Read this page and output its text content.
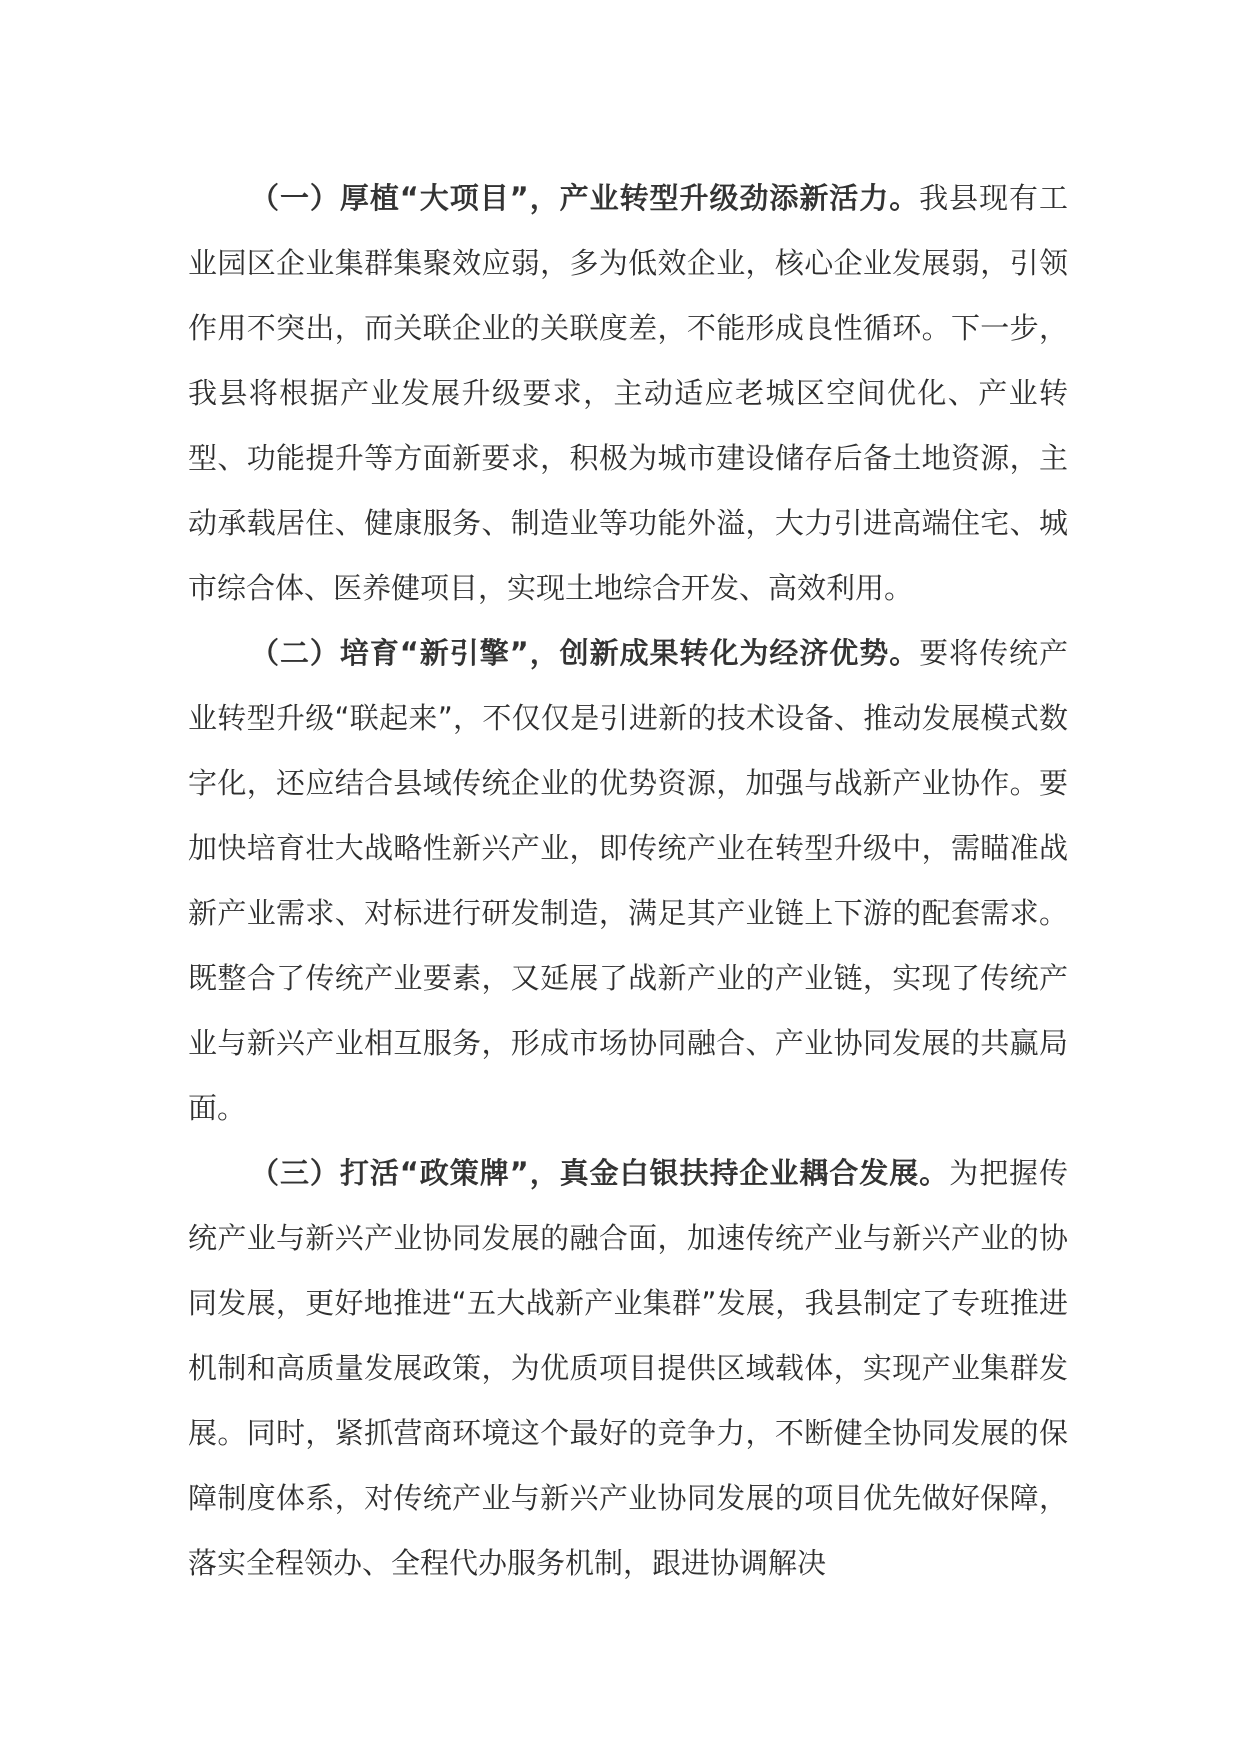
（一）厚植“大项目”，产业转型升级劲添新活力。我县现有工业园区企业集群集聚效应弱，多为低效企业，核心企业发展弱，引领作用不突出，而关联企业的关联度差，不能形成良性循环。下一步，我县将根据产业发展升级要求，主动适应老城区空间优化、产业转型、功能提升等方面新要求，积极为城市建设储存后备土地资源，主动承载居住、健康服务、制造业等功能外溢，大力引进高端住宅、城市综合体、医养健项目，实现土地综合开发、高效利用。

（二）培育“新引擎”，创新成果转化为经济优势。要将传统产业转型升级“联起来”，不仅仅是引进新的技术设备、推动发展模式数字化，还应结合县域传统企业的优势资源，加强与战新产业协作。要加快培育壮大战略性新兴产业，即传统产业在转型升级中，需瞄准战新产业需求、对标进行研发制造，满足其产业链上下游的配套需求。既整合了传统产业要素，又延展了战新产业的产业链，实现了传统产业与新兴产业相互服务，形成市场协同融合、产业协同发展的共赢局面。

（三）打活“政策牌”，真金白银扶持企业耦合发展。为把握传统产业与新兴产业协同发展的融合面，加速传统产业与新兴产业的协同发展，更好地推进“五大战新产业集群”发展，我县制定了专班推进机制和高质量发展政策，为优质项目提供区域载体，实现产业集群发展。同时，紧抓营商环境这个最好的竞争力，不断健全协同发展的保障制度体系，对传统产业与新兴产业协同发展的项目优先做好保障，落实全程领办、全程代办服务机制，跟进协调解决
